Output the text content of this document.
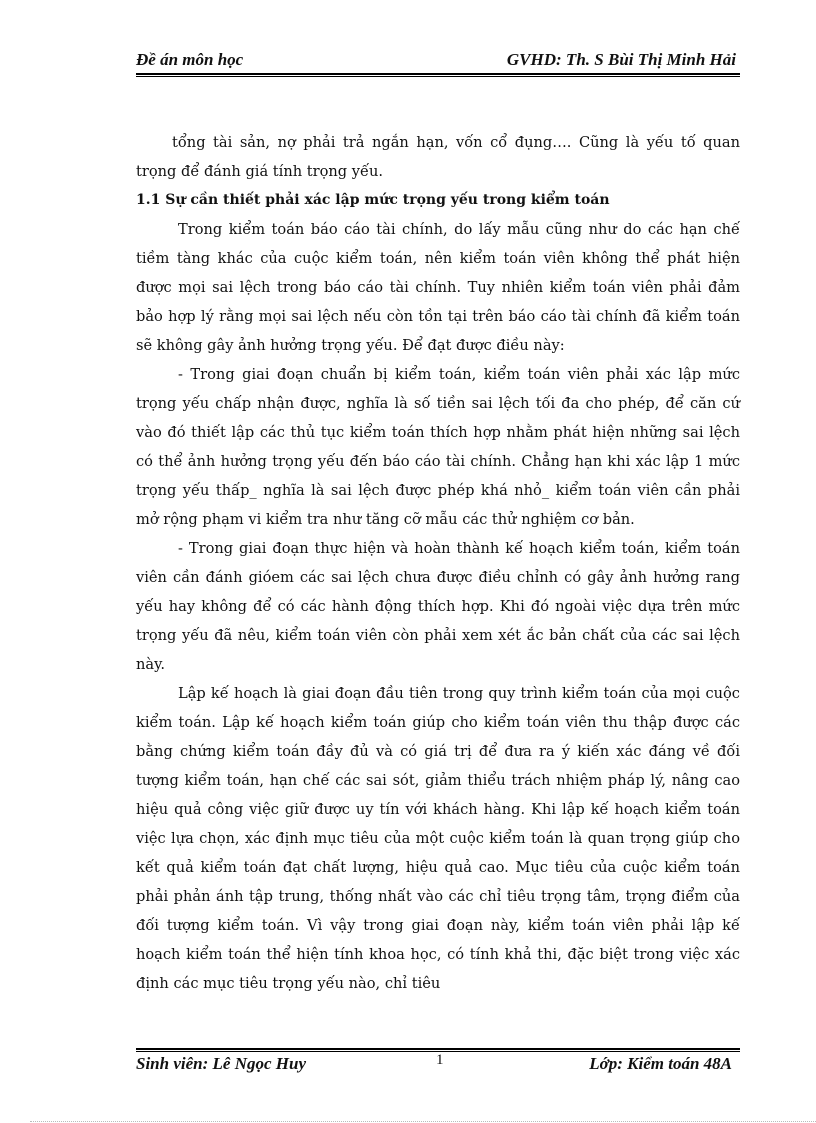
Đề án môn học	GVHD: Th. S Bùi Thị Minh Hải

tổng tài sản, nợ phải trả ngắn hạn, vốn cổ đụng…. Cũng là yếu tố quan trọng để đánh giá tính trọng yếu.

1.1 Sự cần thiết phải xác lập mức trọng yếu trong kiểm toán

Trong kiểm toán báo cáo tài chính, do lấy mẫu cũng như do các hạn chế tiềm tàng khác của cuộc kiểm toán, nên kiểm toán viên không thể phát hiện được mọi sai lệch trong báo cáo tài chính. Tuy nhiên kiểm toán viên phải đảm bảo hợp lý rằng mọi sai lệch nếu còn tồn tại trên báo cáo tài chính đã kiểm toán sẽ không gây ảnh hưởng trọng yếu. Để đạt được điều này:

- Trong giai đoạn chuẩn bị kiểm toán, kiểm toán viên phải xác lập mức trọng yếu chấp nhận được, nghĩa là số tiền sai lệch tối đa cho phép, để căn cứ vào đó thiết lập các thủ tục kiểm toán thích hợp nhằm phát hiện những sai lệch có thể ảnh hưởng trọng yếu đến báo cáo tài chính. Chẳng hạn khi xác lập 1 mức trọng yếu thấp_ nghĩa là sai lệch được phép khá nhỏ_ kiểm toán viên cần phải mở rộng phạm vi kiểm tra như tăng cỡ mẫu các thử nghiệm cơ bản.

- Trong giai đoạn thực hiện và hoàn thành kế hoạch kiểm toán, kiểm toán viên cần đánh gióem các sai lệch chưa được điều chỉnh có gây ảnh hưởng rang yếu hay không để có các hành động thích hợp. Khi đó ngoài việc dựa trên mức trọng yếu đã nêu, kiểm toán viên còn phải xem xét ắc bản chất của các sai lệch này.

Lập kế hoạch là giai đoạn đầu tiên trong quy trình kiểm toán của mọi cuộc kiểm toán. Lập kế hoạch kiểm toán giúp cho kiểm toán viên thu thập được các bằng chứng kiểm toán đầy đủ và có giá trị để đưa ra ý kiến xác đáng về đối tượng kiểm toán, hạn chế các sai sót, giảm thiểu trách nhiệm pháp lý, nâng cao hiệu quả công việc giữ được uy tín với khách hàng. Khi lập kế hoạch kiểm toán việc lựa chọn, xác định mục tiêu của một cuộc kiểm toán là quan trọng giúp cho kết quả kiểm toán đạt chất lượng, hiệu quả cao. Mục tiêu của cuộc kiểm toán phải phản ánh tập trung, thống nhất vào các chỉ tiêu trọng tâm, trọng điểm của đối tượng kiểm toán. Vì vậy trong giai đoạn này, kiểm toán viên phải lập kế hoạch kiểm toán thể hiện tính khoa học, có tính khả thi, đặc biệt trong việc xác định các mục tiêu trọng yếu nào, chỉ tiêu

Sinh viên: Lê Ngọc Huy	1	Lớp: Kiểm toán 48A
